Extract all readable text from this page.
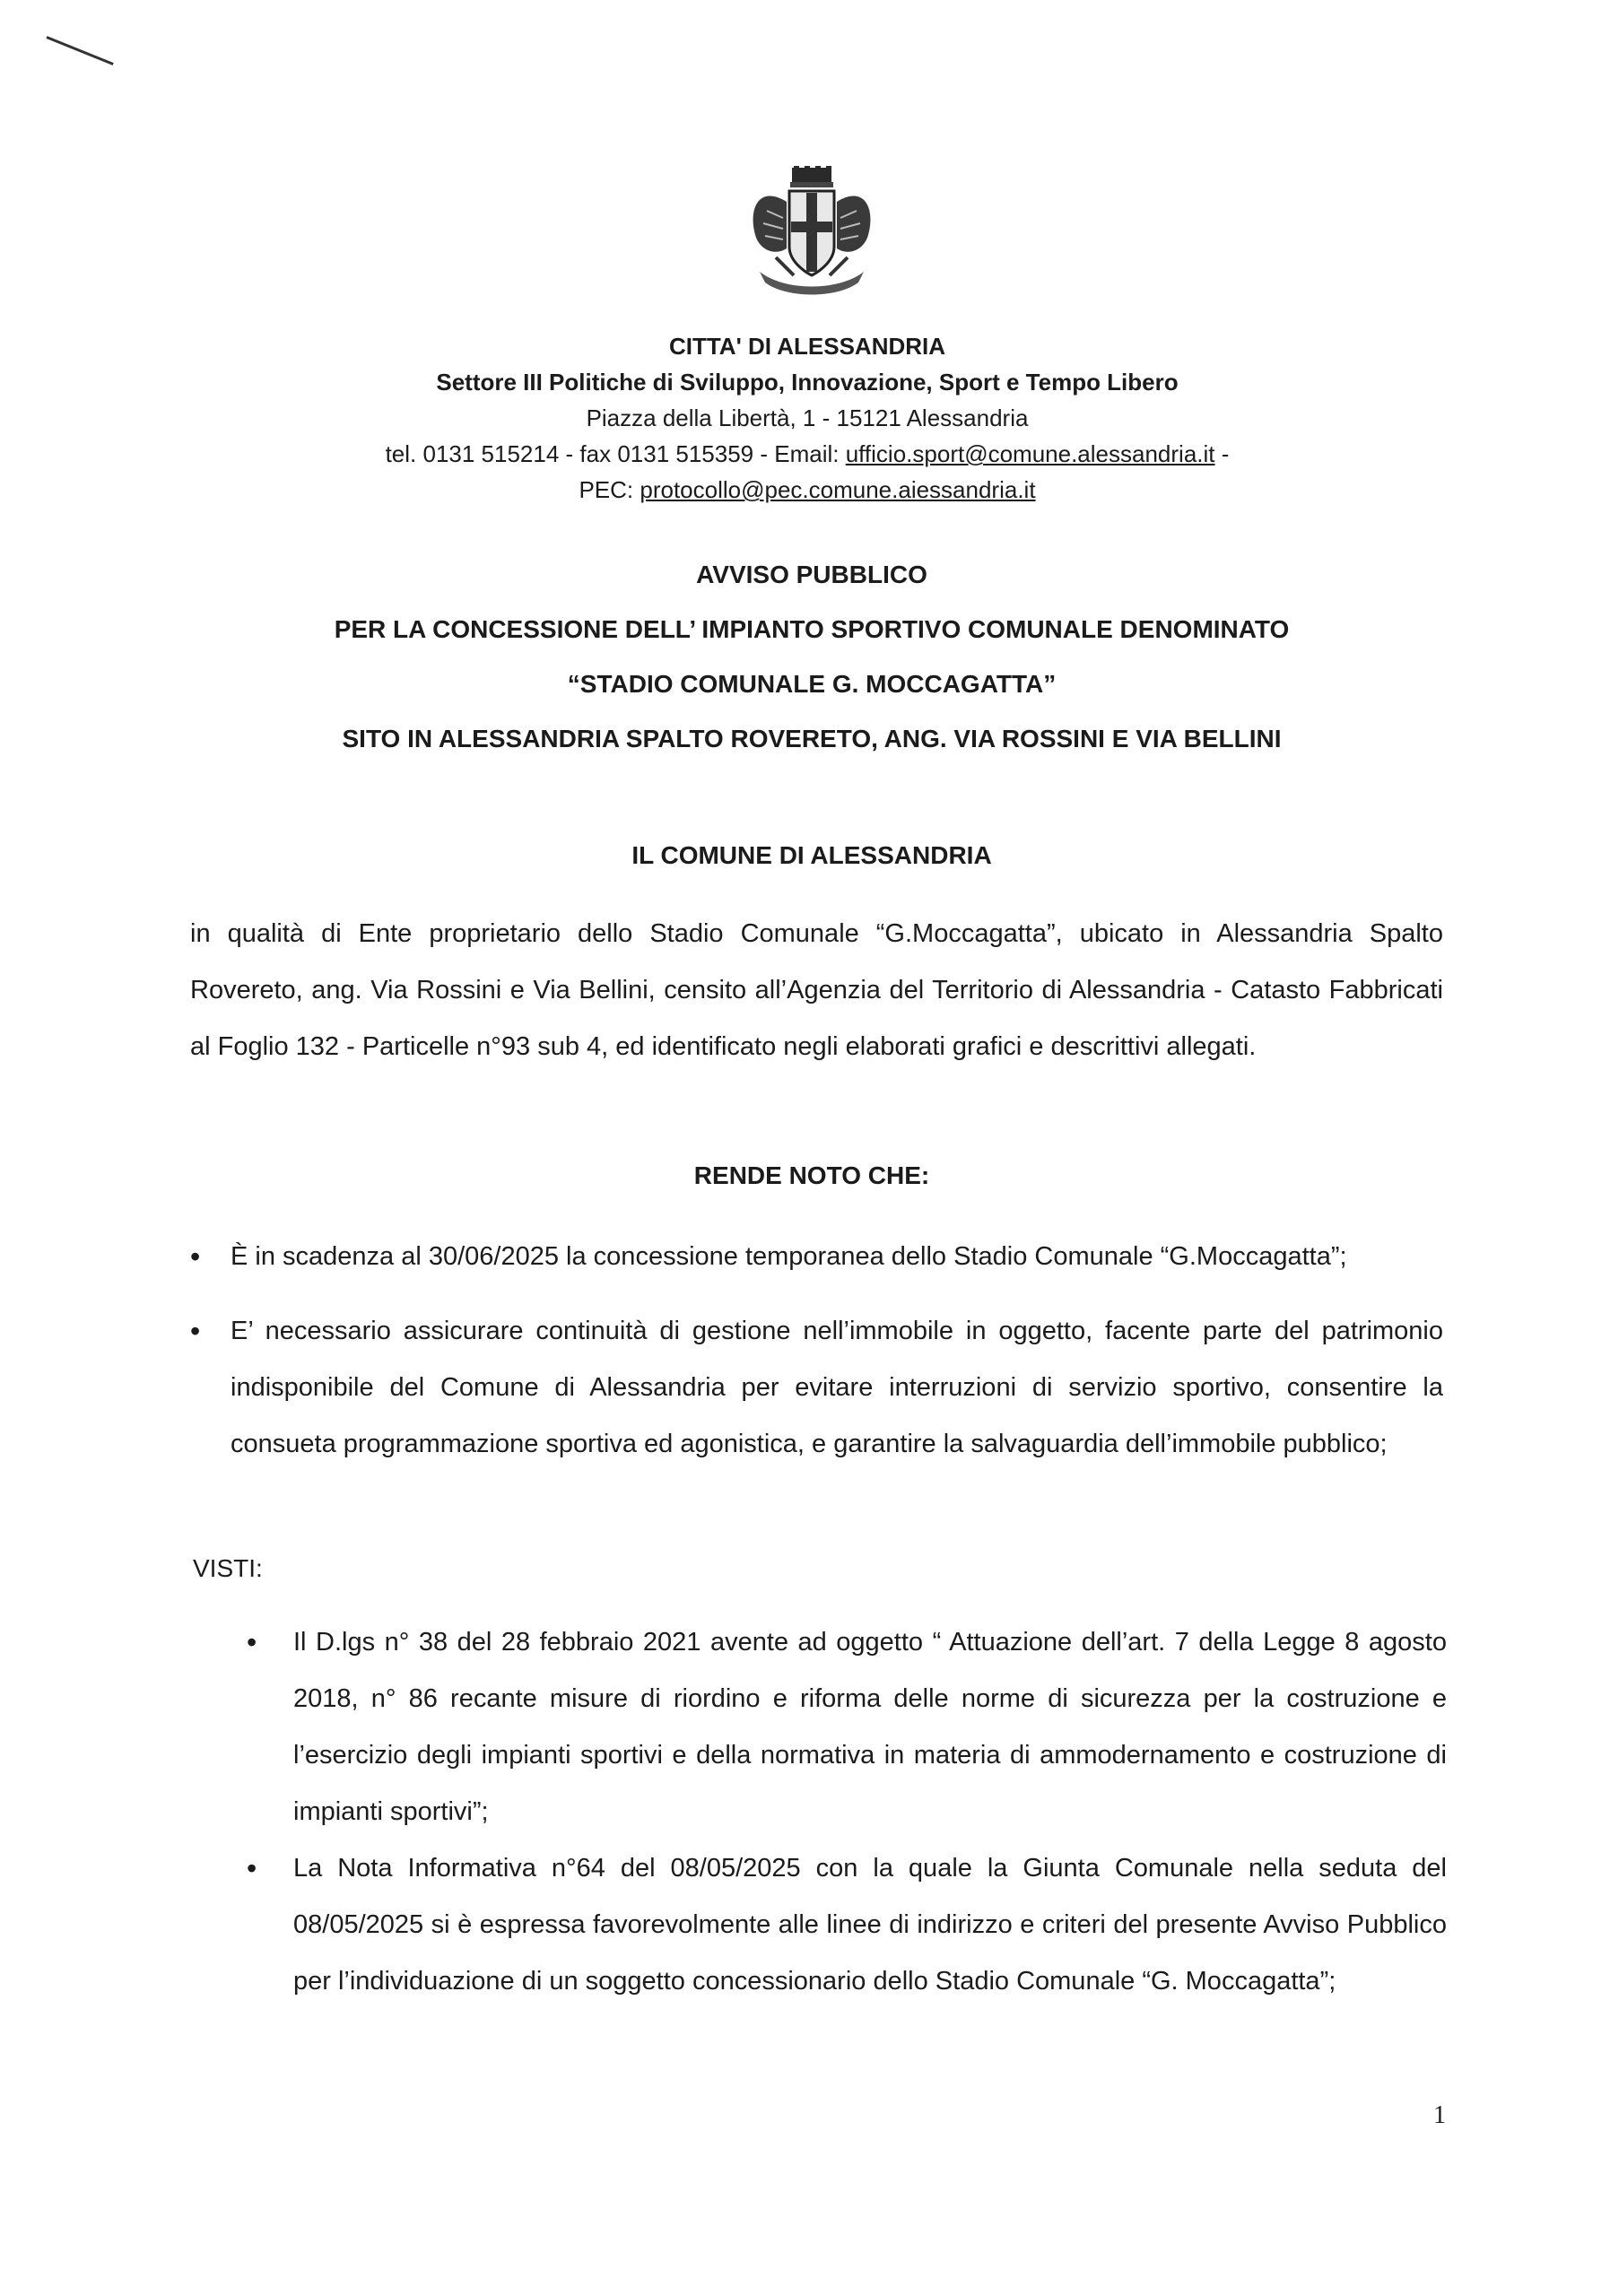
CITTA' DI ALESSANDRIA
Settore III Politiche di Sviluppo, Innovazione, Sport e Tempo Libero
Piazza della Libertà, 1 - 15121 Alessandria
tel. 0131 515214 - fax 0131 515359 - Email: ufficio.sport@comune.alessandria.it -
PEC: protocollo@pec.comune.aiessandria.it
AVVISO PUBBLICO
PER LA CONCESSIONE DELL’ IMPIANTO SPORTIVO COMUNALE DENOMINATO
“STADIO COMUNALE G. MOCCAGATTA”
SITO IN ALESSANDRIA SPALTO ROVERETO, ANG. VIA ROSSINI E VIA BELLINI
IL COMUNE DI ALESSANDRIA
in qualità di Ente proprietario dello Stadio Comunale “G.Moccagatta”, ubicato in Alessandria Spalto Rovereto, ang. Via Rossini e Via Bellini, censito all’Agenzia del Territorio di Alessandria - Catasto Fabbricati al Foglio 132 - Particelle n°93 sub 4, ed identificato negli elaborati grafici e descrittivi allegati.
RENDE NOTO CHE:
• È in scadenza al 30/06/2025 la concessione temporanea dello Stadio Comunale “G.Moccagatta”;
• E’ necessario assicurare continuità di gestione nell’immobile in oggetto, facente parte del patrimonio indisponibile del Comune di Alessandria per evitare interruzioni di servizio sportivo, consentire la consueta programmazione sportiva ed agonistica, e garantire la salvaguardia dell’immobile pubblico;
VISTI:
• Il D.lgs n° 38 del 28 febbraio 2021 avente ad oggetto “ Attuazione dell’art. 7 della Legge 8 agosto 2018, n° 86 recante misure di riordino e riforma delle norme di sicurezza per la costruzione e l’esercizio degli impianti sportivi e della normativa in materia di ammodernamento e costruzione di impianti sportivi”;
• La Nota Informativa n°64 del 08/05/2025 con la quale la Giunta Comunale nella seduta del 08/05/2025 si è espressa favorevolmente alle linee di indirizzo e criteri del presente Avviso Pubblico per l’individuazione di un soggetto concessionario dello Stadio Comunale “G. Moccagatta”;
1
